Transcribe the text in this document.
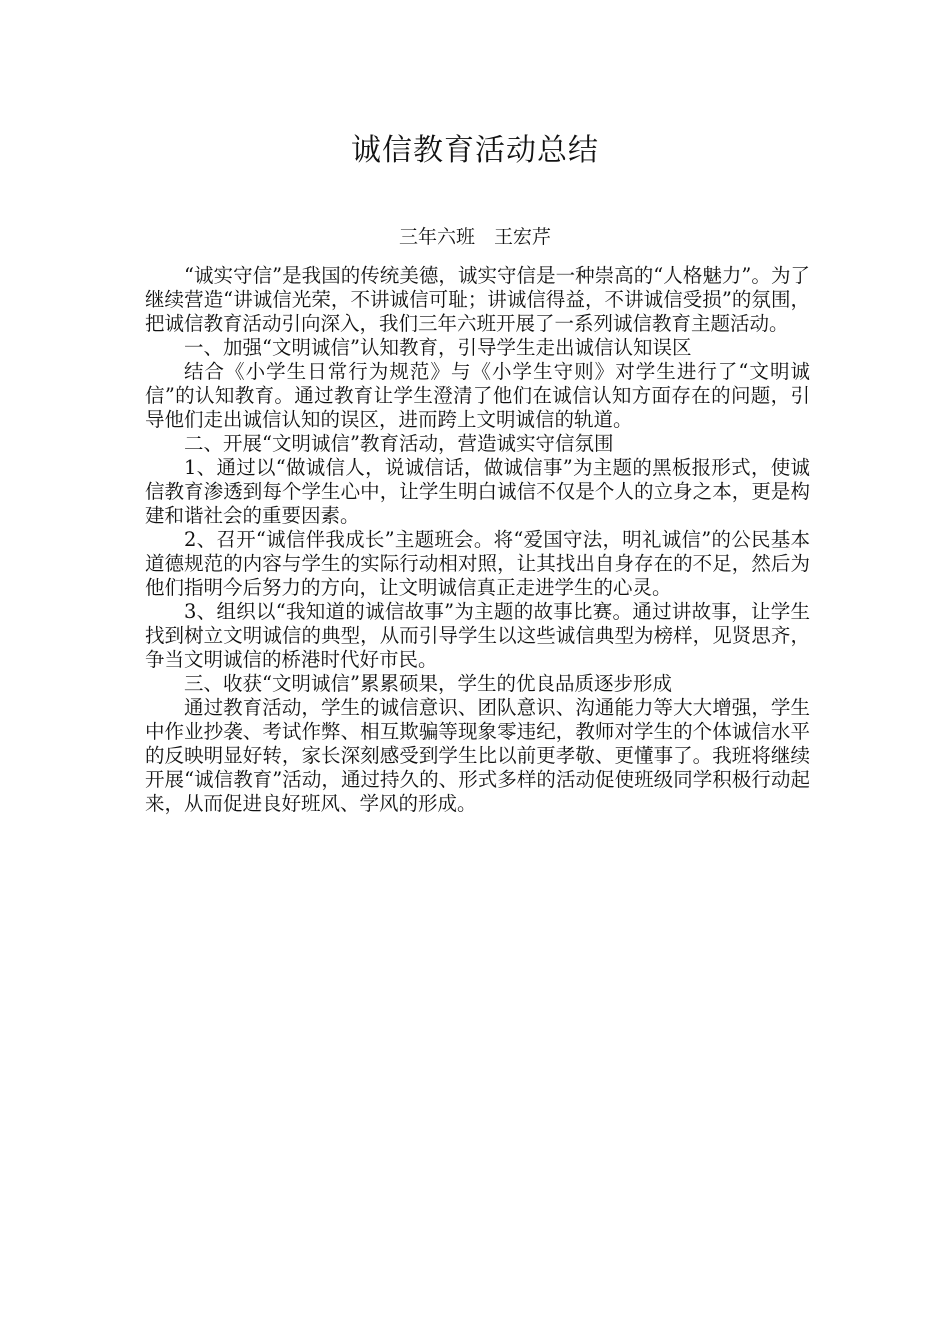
诚信教育活动总结

三年六班　王宏芹

“诚实守信”是我国的传统美德，诚实守信是一种崇高的“人格魅力”。为了继续营造“讲诚信光荣，不讲诚信可耻；讲诚信得益，不讲诚信受损”的氛围，把诚信教育活动引向深入，我们三年六班开展了一系列诚信教育主题活动。

一、加强“文明诚信”认知教育，引导学生走出诚信认知误区

结合《小学生日常行为规范》与《小学生守则》对学生进行了“文明诚信”的认知教育。通过教育让学生澄清了他们在诚信认知方面存在的问题，引导他们走出诚信认知的误区，进而跨上文明诚信的轨道。

二、开展“文明诚信”教育活动，营造诚实守信氛围

1、通过以“做诚信人，说诚信话，做诚信事”为主题的黑板报形式，使诚信教育渗透到每个学生心中，让学生明白诚信不仅是个人的立身之本，更是构建和谐社会的重要因素。

2、召开“诚信伴我成长”主题班会。将“爱国守法，明礼诚信”的公民基本道德规范的内容与学生的实际行动相对照，让其找出自身存在的不足，然后为他们指明今后努力的方向，让文明诚信真正走进学生的心灵。

3、组织以“我知道的诚信故事”为主题的故事比赛。通过讲故事，让学生找到树立文明诚信的典型，从而引导学生以这些诚信典型为榜样，见贤思齐，争当文明诚信的桥港时代好市民。

三、收获“文明诚信”累累硕果，学生的优良品质逐步形成

通过教育活动，学生的诚信意识、团队意识、沟通能力等大大增强，学生中作业抄袭、考试作弊、相互欺骗等现象零违纪，教师对学生的个体诚信水平的反映明显好转，家长深刻感受到学生比以前更孝敬、更懂事了。我班将继续开展“诚信教育”活动，通过持久的、形式多样的活动促使班级同学积极行动起来，从而促进良好班风、学风的形成。
